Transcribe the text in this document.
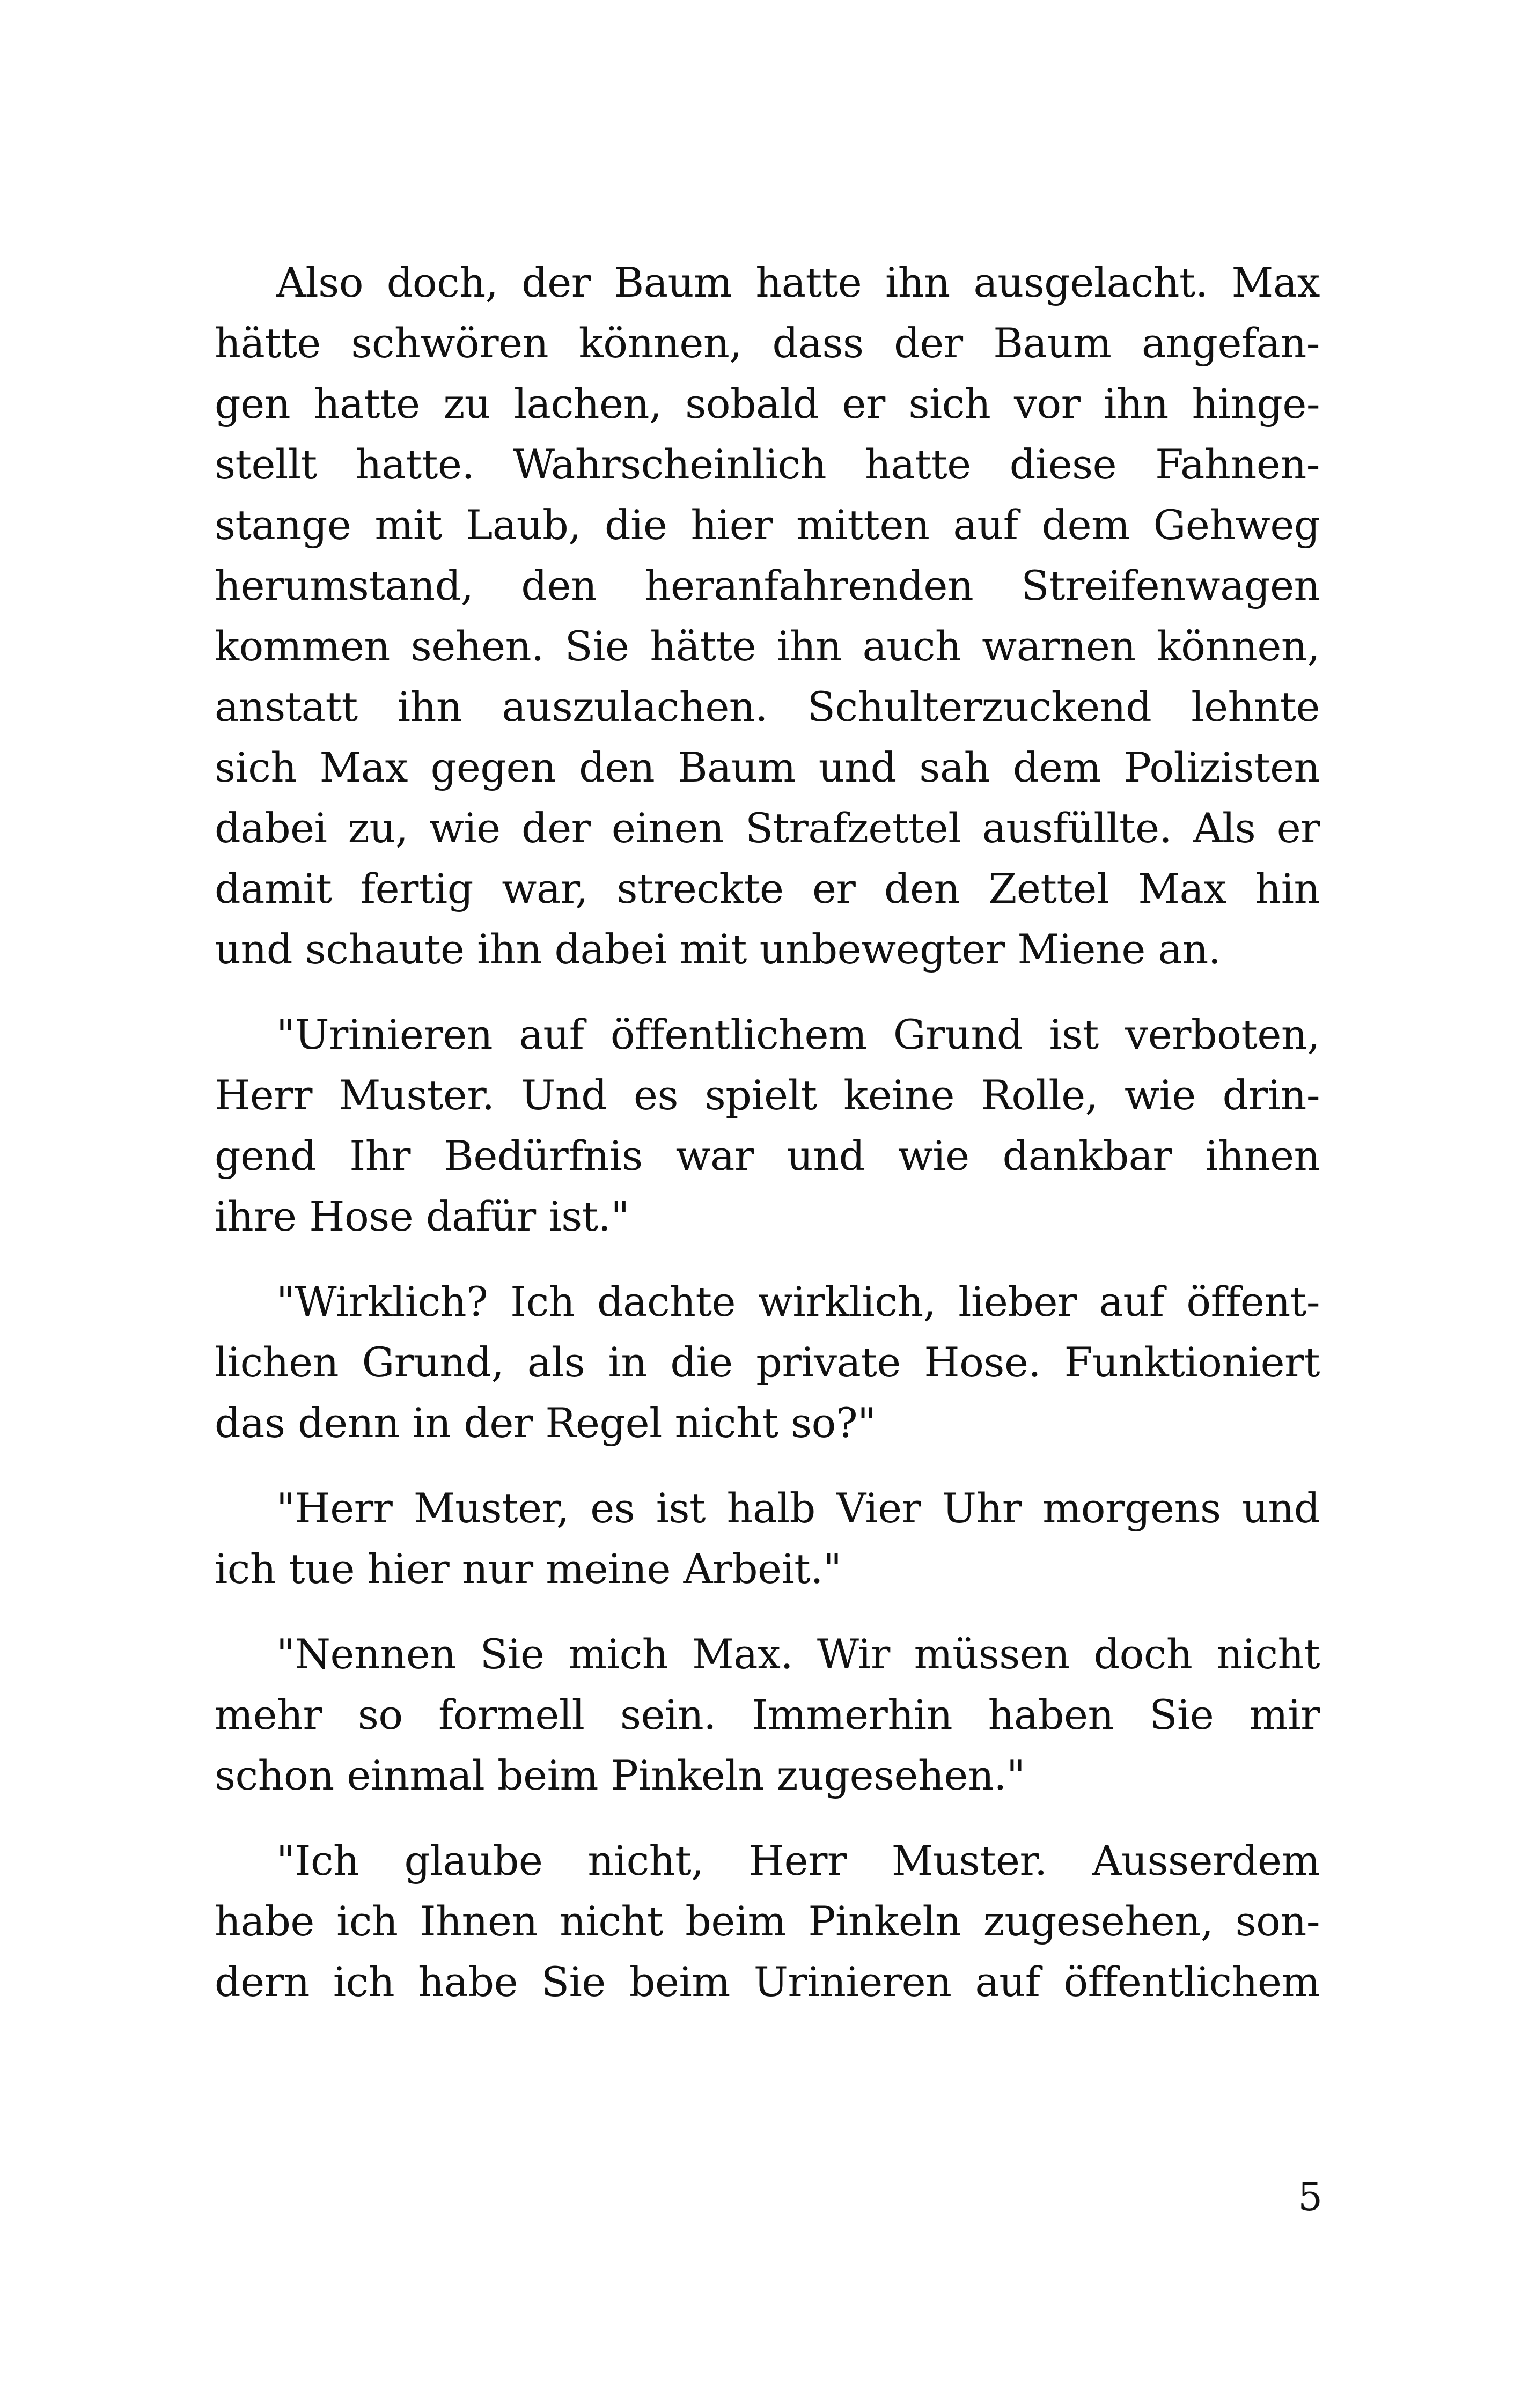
Also doch, der Baum hatte ihn ausgelacht. Max
hätte schwören können, dass der Baum angefan-
gen hatte zu lachen, sobald er sich vor ihn hinge-
stellt hatte. Wahrscheinlich hatte diese Fahnen-
stange mit Laub, die hier mitten auf dem Gehweg
herumstand, den heranfahrenden Streifenwagen
kommen sehen. Sie hätte ihn auch warnen können,
anstatt ihn auszulachen. Schulterzuckend lehnte
sich Max gegen den Baum und sah dem Polizisten
dabei zu, wie der einen Strafzettel ausfüllte. Als er
damit fertig war, streckte er den Zettel Max hin
und schaute ihn dabei mit unbewegter Miene an.

"Urinieren auf öffentlichem Grund ist verboten,
Herr Muster. Und es spielt keine Rolle, wie drin-
gend Ihr Bedürfnis war und wie dankbar ihnen
ihre Hose dafür ist."

"Wirklich? Ich dachte wirklich, lieber auf öffent-
lichen Grund, als in die private Hose. Funktioniert
das denn in der Regel nicht so?"

"Herr Muster, es ist halb Vier Uhr morgens und
ich tue hier nur meine Arbeit."

"Nennen Sie mich Max. Wir müssen doch nicht
mehr so formell sein. Immerhin haben Sie mir
schon einmal beim Pinkeln zugesehen."

"Ich glaube nicht, Herr Muster. Ausserdem
habe ich Ihnen nicht beim Pinkeln zugesehen, son-
dern ich habe Sie beim Urinieren auf öffentlichem

5
